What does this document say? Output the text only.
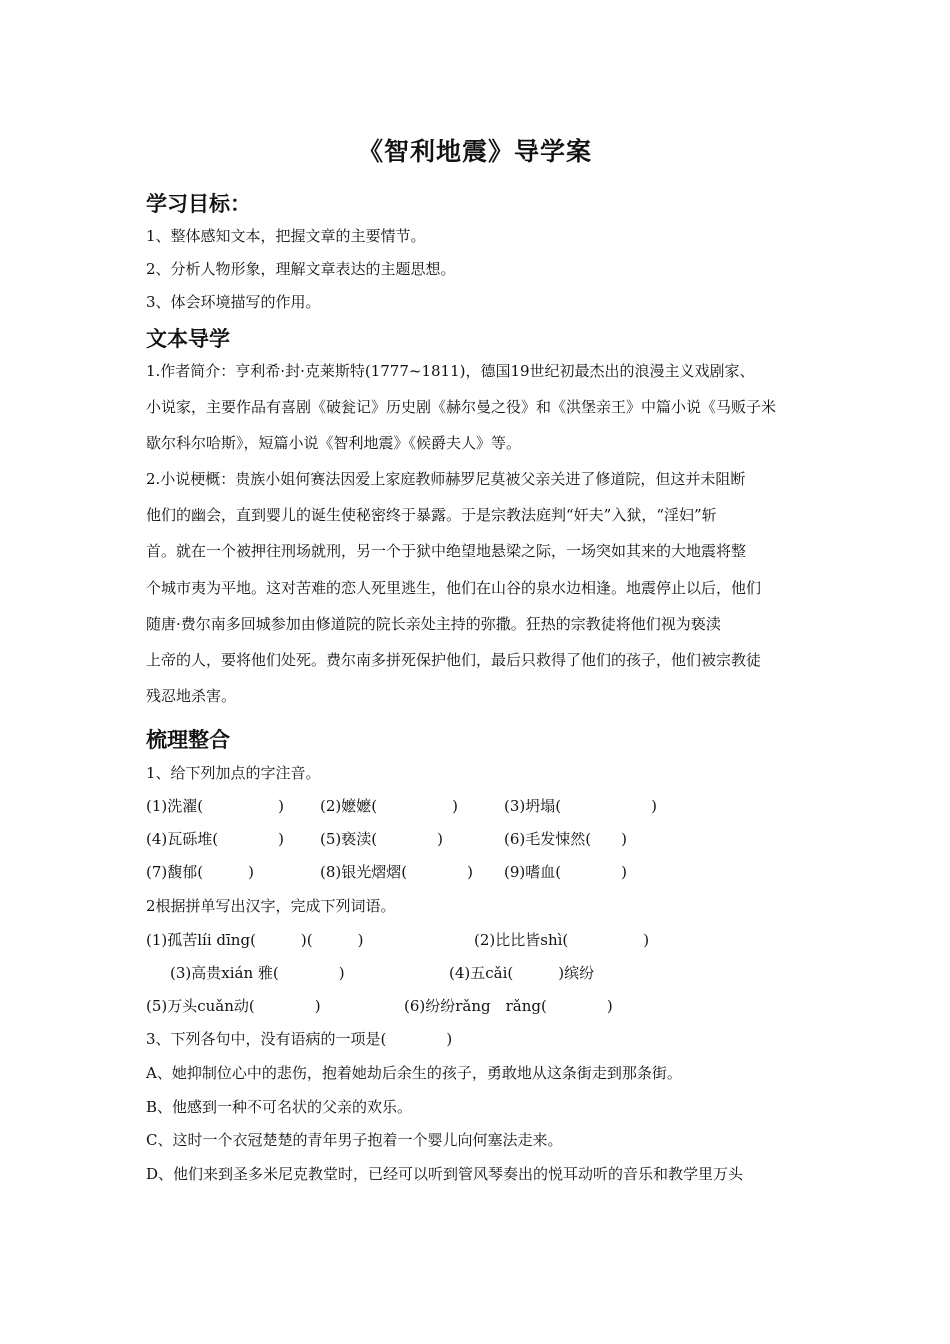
《智利地震》导学案
学习目标：
1、整体感知文本，把握文章的主要情节。
2、分析人物形象，理解文章表达的主题思想。
3、体会环境描写的作用。
文本导学

1.作者简介：亨利希·封·克莱斯特(1777~1811)，德国19世纪初最杰出的浪漫主义戏剧家、

小说家，主要作品有喜剧《破瓮记》历史剧《赫尔曼之役》和《洪堡亲王》中篇小说《马贩子米

歇尔科尔哈斯》，短篇小说《智利地震》《候爵夫人》等。

2.小说梗概：贵族小姐何赛法因爱上家庭教师赫罗尼莫被父亲关进了修道院，但这并未阻断

他们的幽会，直到婴儿的诞生使秘密终于暴露。于是宗教法庭判“奸夫”入狱，“淫妇”斩

首。就在一个被押往刑场就刑，另一个于狱中绝望地悬梁之际，一场突如其来的大地震将整

个城市夷为平地。这对苦难的恋人死里逃生，他们在山谷的泉水边相逢。地震停止以后，他们

随唐·费尔南多回城参加由修道院的院长亲处主持的弥撒。狂热的宗教徒将他们视为亵渎

上帝的人，要将他们处死。费尔南多拼死保护他们，最后只救得了他们的孩子，他们被宗教徒

残忍地杀害。

梳理整合
1、给下列加点的字注音。
(1)洗濯(　　　　　) (2)嬷嬷(　　　　　)	(3)坍塌(　　　　　　)
(4)瓦砾堆(　　　　) (5)亵渎(　　　　)	(6)毛发悚然(　　)
(7)馥郁(　　　)	(8)银光熠熠(　　　　) (9)嗜血(　　　　)
2根据拼单写出汉字，完成下列词语。
(1)孤苦líi dīng(　　　)(　　　)	(2)比比皆shì(　　　　　)
(3)高贵xián 雅(　　　　)	(4)五cǎi(　　　)缤纷
(5)万头cuǎn动(　　　　)	(6)纷纷rǎng　rǎng(　　　　)
3、下列各句中，没有语病的一项是(　　　　)
A、她抑制位心中的悲伤，抱着她劫后余生的孩子，勇敢地从这条街走到那条街。
B、他感到一种不可名状的父亲的欢乐。
C、这时一个衣冠楚楚的青年男子抱着一个婴儿向何塞法走来。
D、他们来到圣多米尼克教堂时，已经可以听到管风琴奏出的悦耳动听的音乐和教学里万头
